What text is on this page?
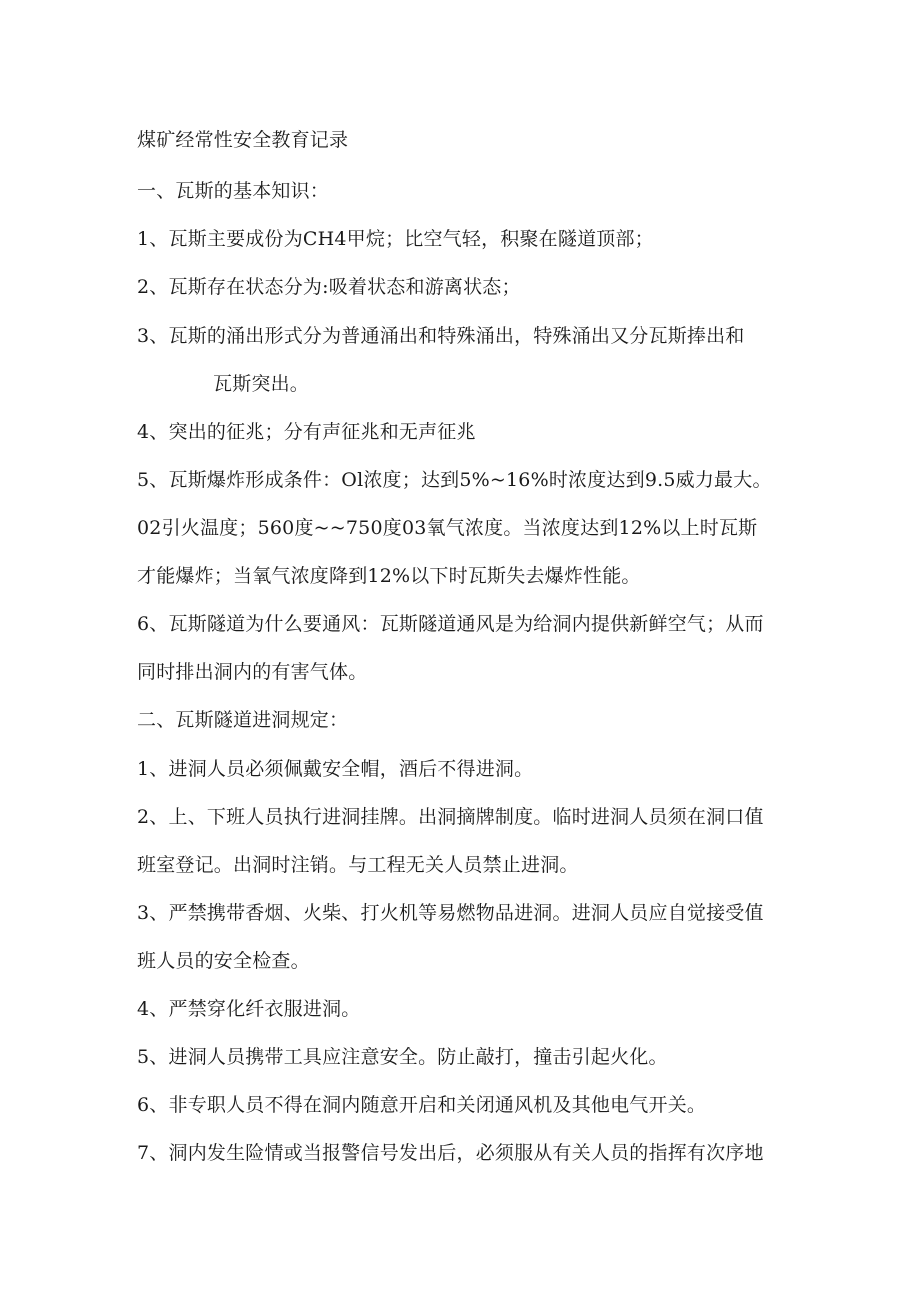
煤矿经常性安全教育记录
一、瓦斯的基本知识：
1、瓦斯主要成份为CH4甲烷；比空气轻，积聚在隧道顶部；
2、瓦斯存在状态分为:吸着状态和游离状态；
3、瓦斯的涌出形式分为普通涌出和特殊涌出，特殊涌出又分瓦斯捧出和
瓦斯突出。
4、突出的征兆；分有声征兆和无声征兆
5、瓦斯爆炸形成条件：Ol浓度；达到5%~16%时浓度达到9.5威力最大。
02引火温度；560度~~750度03氧气浓度。当浓度达到12%以上时瓦斯
才能爆炸；当氧气浓度降到12%以下时瓦斯失去爆炸性能。
6、瓦斯隧道为什么要通风：瓦斯隧道通风是为给洞内提供新鲜空气；从而
同时排出洞内的有害气体。
二、瓦斯隧道进洞规定：
1、进洞人员必须佩戴安全帽，酒后不得进洞。
2、上、下班人员执行进洞挂牌。出洞摘牌制度。临时进洞人员须在洞口值
班室登记。出洞时注销。与工程无关人员禁止进洞。
3、严禁携带香烟、火柴、打火机等易燃物品进洞。进洞人员应自觉接受值
班人员的安全检查。
4、严禁穿化纤衣服进洞。
5、进洞人员携带工具应注意安全。防止敲打，撞击引起火化。
6、非专职人员不得在洞内随意开启和关闭通风机及其他电气开关。
7、洞内发生险情或当报警信号发出后，必须服从有关人员的指挥有次序地
